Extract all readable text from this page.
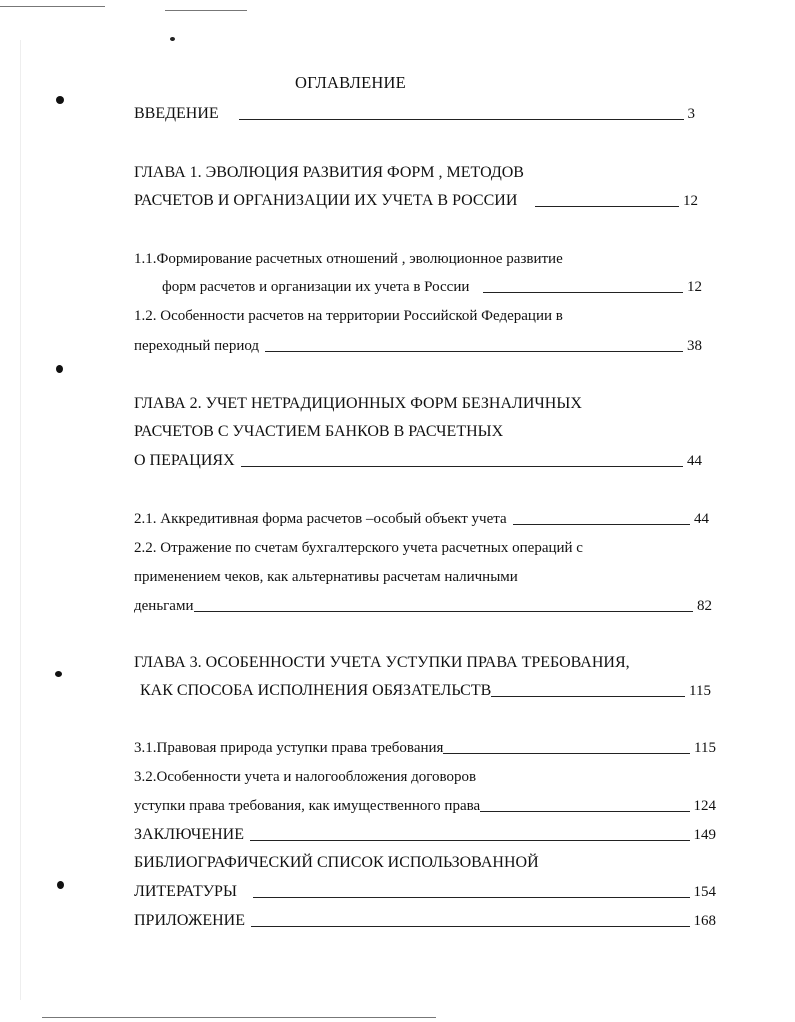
ОГЛАВЛЕНИЕ
ВВЕДЕНИЕ	3
ГЛАВА 1. ЭВОЛЮЦИЯ РАЗВИТИЯ ФОРМ , МЕТОДОВ
РАСЧЕТОВ И ОРГАНИЗАЦИИ ИХ УЧЕТА В РОССИИ	12
1.1.Формирование расчетных отношений , эволюционное развитие
форм расчетов и организации их учета в России	12
1.2. Особенности расчетов на территории Российской Федерации в
переходный период	38
ГЛАВА 2. УЧЕТ НЕТРАДИЦИОННЫХ ФОРМ БЕЗНАЛИЧНЫХ
РАСЧЕТОВ С УЧАСТИЕМ БАНКОВ В РАСЧЕТНЫХ
О ПЕРАЦИЯХ	44
2.1. Аккредитивная форма расчетов –особый объект учета	44
2.2. Отражение по счетам бухгалтерского учета расчетных операций с
применением чеков, как альтернативы расчетам наличными
деньгами	82
ГЛАВА 3. ОСОБЕННОСТИ УЧЕТА УСТУПКИ ПРАВА ТРЕБОВАНИЯ,
КАК СПОСОБА ИСПОЛНЕНИЯ ОБЯЗАТЕЛЬСТВ	115
3.1.Правовая природа уступки права требования	115
3.2.Особенности учета и налогообложения договоров
уступки права требования, как имущественного права	124
ЗАКЛЮЧЕНИЕ	149
БИБЛИОГРАФИЧЕСКИЙ СПИСОК ИСПОЛЬЗОВАННОЙ
ЛИТЕРАТУРЫ	154
ПРИЛОЖЕНИЕ	168
